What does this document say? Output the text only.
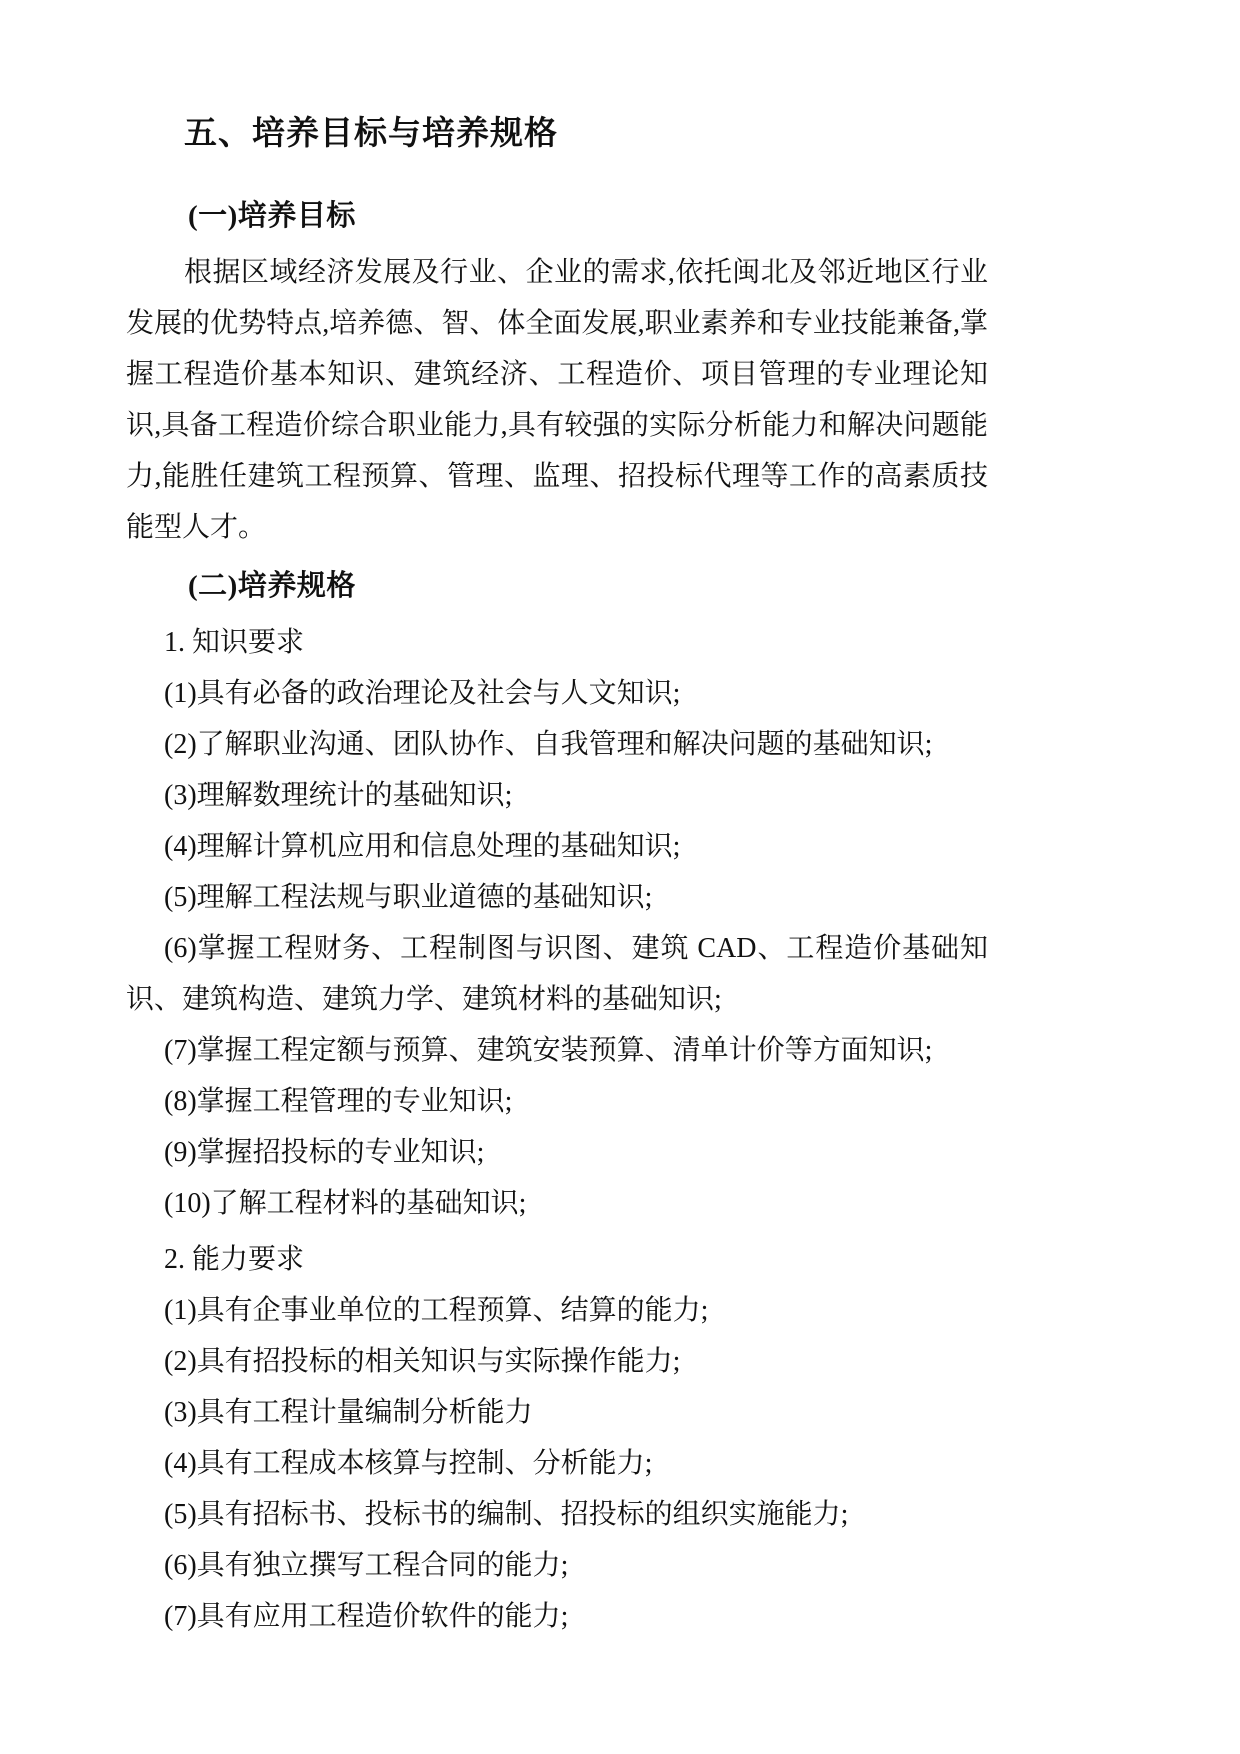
五、培养目标与培养规格
(一)培养目标

根据区域经济发展及行业、企业的需求,依托闽北及邻近地区行业发展的优势特点,培养德、智、体全面发展,职业素养和专业技能兼备,掌握工程造价基本知识、建筑经济、工程造价、项目管理的专业理论知识,具备工程造价综合职业能力,具有较强的实际分析能力和解决问题能力,能胜任建筑工程预算、管理、监理、招投标代理等工作的高素质技能型人才。

(二)培养规格
1. 知识要求

(1)具有必备的政治理论及社会与人文知识;

(2)了解职业沟通、团队协作、自我管理和解决问题的基础知识;

(3)理解数理统计的基础知识;

(4)理解计算机应用和信息处理的基础知识;

(5)理解工程法规与职业道德的基础知识;

(6)掌握工程财务、工程制图与识图、建筑 CAD、工程造价基础知识、建筑构造、建筑力学、建筑材料的基础知识;

(7)掌握工程定额与预算、建筑安装预算、清单计价等方面知识;

(8)掌握工程管理的专业知识;

(9)掌握招投标的专业知识;

(10)了解工程材料的基础知识;

2. 能力要求

(1)具有企事业单位的工程预算、结算的能力;

(2)具有招投标的相关知识与实际操作能力;

(3)具有工程计量编制分析能力

(4)具有工程成本核算与控制、分析能力;

(5)具有招标书、投标书的编制、招投标的组织实施能力;

(6)具有独立撰写工程合同的能力;

(7)具有应用工程造价软件的能力;
